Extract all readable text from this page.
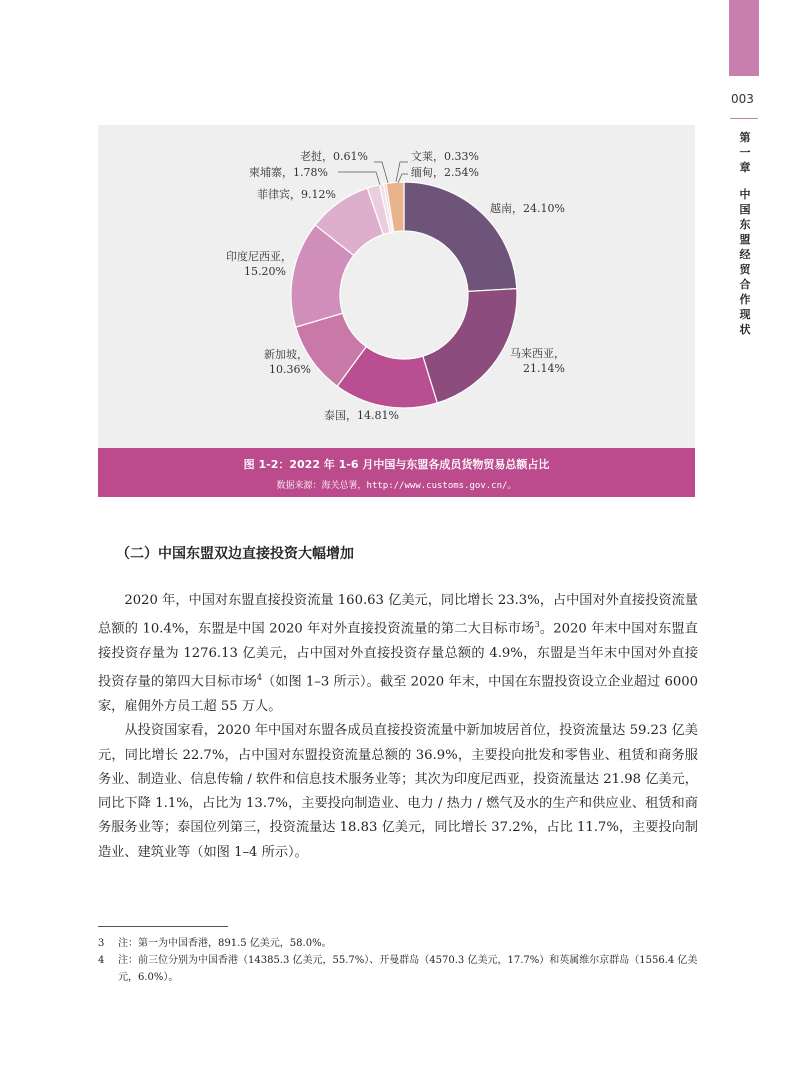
003
第
一
章
中
国
东
盟
经
贸
合
作
现
状
越南，24.10%
马来西亚，
21.14%
泰国，14.81%
新加坡，
10.36%
印度尼西亚，
15.20%
菲律宾，9.12%
柬埔寨，1.78%
老挝，0.61%	文莱，0.33%
缅甸，2.54%
图 1-2：2022 年 1-6 月中国与东盟各成员货物贸易总额占比
数据来源：海关总署，http://www.customs.gov.cn/。
（二）中国东盟双边直接投资大幅增加

2020 年，中国对东盟直接投资流量 160.63 亿美元，同比增长 23.3%，占中国对外直接投资流量总额的 10.4%，东盟是中国 2020 年对外直接投资流量的第二大目标市场$^3$。2020 年末中国对东盟直接投资存量为 1276.13 亿美元，占中国对外直接投资存量总额的 4.9%，东盟是当年末中国对外直接投资存量的第四大目标市场$^4$（如图 1–3 所示）。截至 2020 年末，中国在东盟投资设立企业超过 6000 家，雇佣外方员工超 55 万人。

从投资国家看，2020 年中国对东盟各成员直接投资流量中新加坡居首位，投资流量达 59.23 亿美元，同比增长 22.7%，占中国对东盟投资流量总额的 36.9%，主要投向批发和零售业、租赁和商务服务业、制造业、信息传输 / 软件和信息技术服务业等；其次为印度尼西亚，投资流量达 21.98 亿美元，同比下降 1.1%，占比为 13.7%，主要投向制造业、电力 / 热力 / 燃气及水的生产和供应业、租赁和商务服务业等；泰国位列第三，投资流量达 18.83 亿美元，同比增长 37.2%，占比 11.7%，主要投向制造业、建筑业等（如图 1–4 所示）。

3	注：第一为中国香港，891.5 亿美元，58.0%。
4	注：前三位分别为中国香港（14385.3 亿美元，55.7%）、开曼群岛（4570.3 亿美元，17.7%）和英属维尔京群岛（1556.4 亿美元，6.0%）。
